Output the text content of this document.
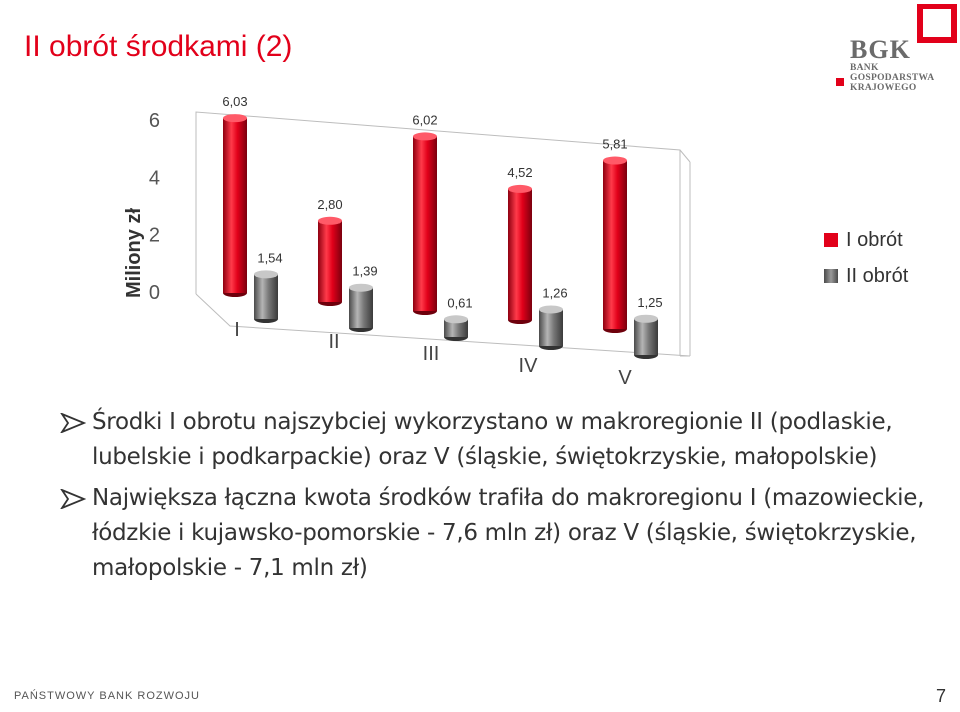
II obrót środkami (2)	BGK
BANK GOSPODARSTWA
KRAJOWEGO
Miliony zł 0
2
4
6
6,03
1,54
2,80
1,39
6,02
0,61
4,52
1,26
5,81
1,25
I
II
III
IV
V
I obrót
II obrót
Środki I obrotu najszybciej wykorzystano w makroregionie II (podlaskie, lubelskie i podkarpackie) oraz V (śląskie, świętokrzyskie, małopolskie)
Największa łączna kwota środków trafiła do makroregionu I (mazowieckie, łódzkie i kujawsko-pomorskie - 7,6 mln zł) oraz V (śląskie, świętokrzyskie, małopolskie - 7,1 mln zł)
PAŃSTWOWY BANK ROZWOJU	7
